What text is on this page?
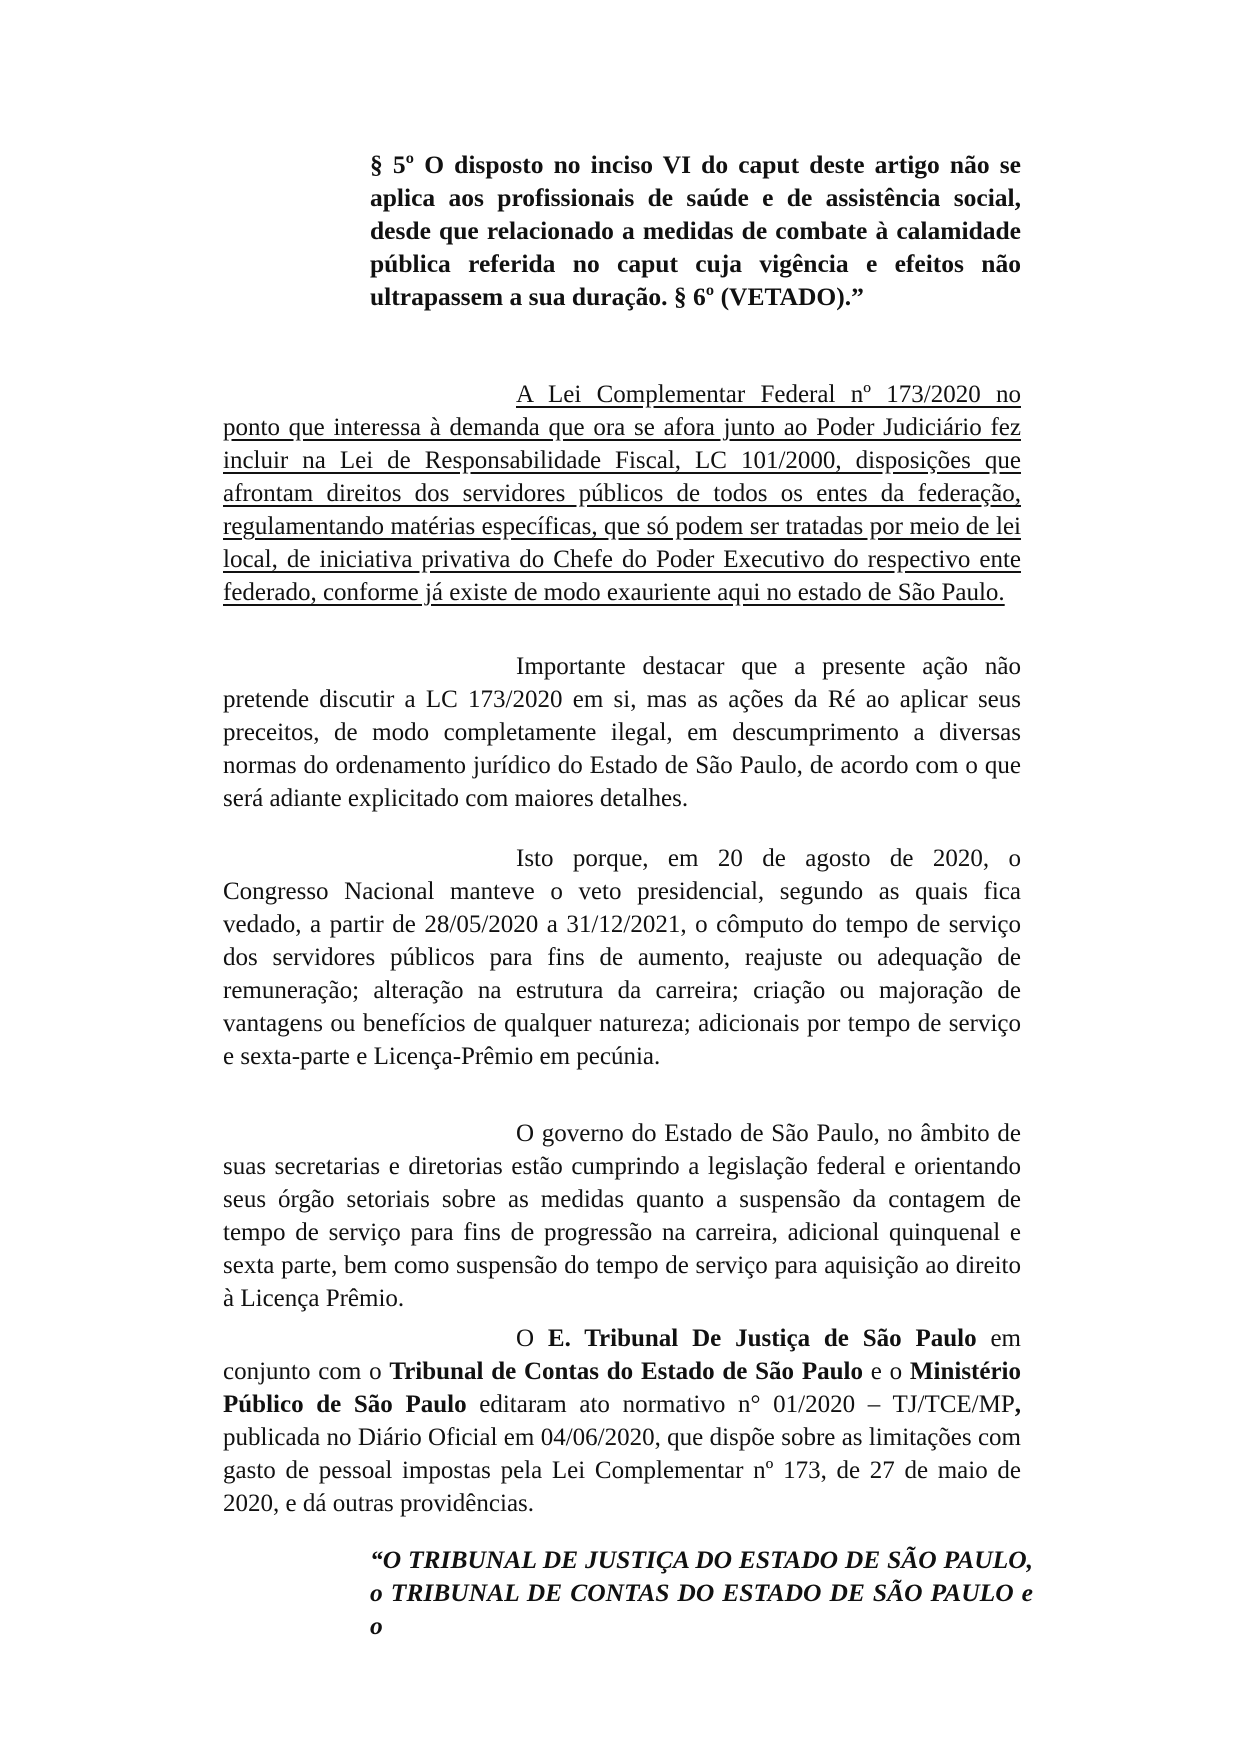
§ 5º O disposto no inciso VI do caput deste artigo não se aplica aos profissionais de saúde e de assistência social, desde que relacionado a medidas de combate à calamidade pública referida no caput cuja vigência e efeitos não ultrapassem a sua duração. § 6º (VETADO).”

A Lei Complementar Federal nº 173/2020 no ponto que interessa à demanda que ora se afora junto ao Poder Judiciário fez incluir na Lei de Responsabilidade Fiscal, LC 101/2000, disposições que afrontam direitos dos servidores públicos de todos os entes da federação, regulamentando matérias específicas, que só podem ser tratadas por meio de lei local, de iniciativa privativa do Chefe do Poder Executivo do respectivo ente federado, conforme já existe de modo exauriente aqui no estado de São Paulo.

Importante destacar que a presente ação não pretende discutir a LC 173/2020 em si, mas as ações da Ré ao aplicar seus preceitos, de modo completamente ilegal, em descumprimento a diversas normas do ordenamento jurídico do Estado de São Paulo, de acordo com o que será adiante explicitado com maiores detalhes.

Isto porque, em 20 de agosto de 2020, o Congresso Nacional manteve o veto presidencial, segundo as quais fica vedado, a partir de 28/05/2020 a 31/12/2021, o cômputo do tempo de serviço dos servidores públicos para fins de aumento, reajuste ou adequação de remuneração; alteração na estrutura da carreira; criação ou majoração de vantagens ou benefícios de qualquer natureza; adicionais por tempo de serviço e sexta-parte e Licença-Prêmio em pecúnia.

O governo do Estado de São Paulo, no âmbito de suas secretarias e diretorias estão cumprindo a legislação federal e orientando seus órgão setoriais sobre as medidas quanto a suspensão da contagem de tempo de serviço para fins de progressão na carreira, adicional quinquenal e sexta parte, bem como suspensão do tempo de serviço para aquisição ao direito à Licença Prêmio.

O E. Tribunal De Justiça de São Paulo em conjunto com o Tribunal de Contas do Estado de São Paulo e o Ministério Público de São Paulo editaram ato normativo n° 01/2020 – TJ/TCE/MP, publicada no Diário Oficial em 04/06/2020, que dispõe sobre as limitações com gasto de pessoal impostas pela Lei Complementar nº 173, de 27 de maio de 2020, e dá outras providências.

“O TRIBUNAL DE JUSTIÇA DO ESTADO DE SÃO PAULO, o TRIBUNAL DE CONTAS DO ESTADO DE SÃO PAULO e o
